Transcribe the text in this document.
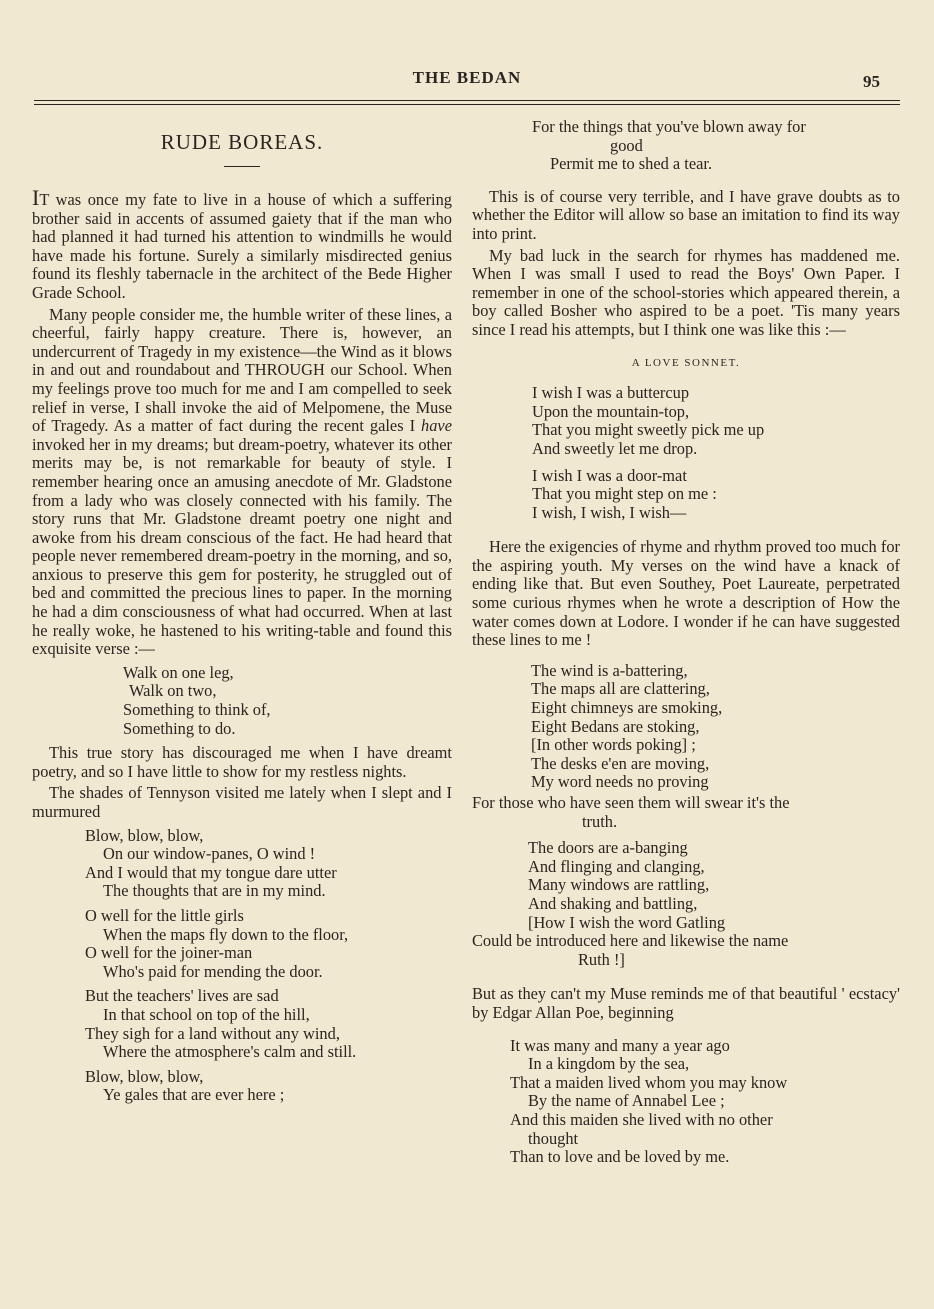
THE BEDAN	95
RUDE BOREAS.

IT was once my fate to live in a house of which a suffering brother said in accents of assumed gaiety that if the man who had planned it had turned his attention to windmills he would have made his fortune. Surely a similarly misdirected genius found its fleshly tabernacle in the architect of the Bede Higher Grade School.

Many people consider me, the humble writer of these lines, a cheerful, fairly happy creature. There is, however, an undercurrent of Tragedy in my existence—the Wind as it blows in and out and roundabout and THROUGH our School. When my feelings prove too much for me and I am compelled to seek relief in verse, I shall invoke the aid of Melpomene, the Muse of Tragedy. As a matter of fact during the recent gales I have invoked her in my dreams; but dream-poetry, whatever its other merits may be, is not remarkable for beauty of style. I remember hearing once an amusing anecdote of Mr. Gladstone from a lady who was closely connected with his family. The story runs that Mr. Gladstone dreamt poetry one night and awoke from his dream conscious of the fact. He had heard that people never remembered dream-poetry in the morning, and so, anxious to preserve this gem for posterity, he struggled out of bed and committed the precious lines to paper. In the morning he had a dim consciousness of what had occurred. When at last he really woke, he hastened to his writing-table and found this exquisite verse :—

Walk on one leg,
Walk on two,
Something to think of,
Something to do.

This true story has discouraged me when I have dreamt poetry, and so I have little to show for my restless nights.

The shades of Tennyson visited me lately when I slept and I murmured

Blow, blow, blow,
On our window-panes, O wind !
And I would that my tongue dare utter
The thoughts that are in my mind.
O well for the little girls
When the maps fly down to the floor,
O well for the joiner-man
Who's paid for mending the door.
But the teachers' lives are sad
In that school on top of the hill,
They sigh for a land without any wind,
Where the atmosphere's calm and still.
Blow, blow, blow,
Ye gales that are ever here ;
For the things that you've blown away for
good
Permit me to shed a tear.

This is of course very terrible, and I have grave doubts as to whether the Editor will allow so base an imitation to find its way into print.

My bad luck in the search for rhymes has maddened me. When I was small I used to read the Boys' Own Paper. I remember in one of the school-stories which appeared therein, a boy called Bosher who aspired to be a poet. 'Tis many years since I read his attempts, but I think one was like this :—

A LOVE SONNET.
I wish I was a buttercup
Upon the mountain-top,
That you might sweetly pick me up
And sweetly let me drop.
I wish I was a door-mat
That you might step on me :
I wish, I wish, I wish—

Here the exigencies of rhyme and rhythm proved too much for the aspiring youth. My verses on the wind have a knack of ending like that. But even Southey, Poet Laureate, perpetrated some curious rhymes when he wrote a description of How the water comes down at Lodore. I wonder if he can have suggested these lines to me !

The wind is a-battering,
The maps all are clattering,
Eight chimneys are smoking,
Eight Bedans are stoking,
[In other words poking] ;
The desks e'en are moving,
My word needs no proving
For those who have seen them will swear it's the
truth.
The doors are a-banging
And flinging and clanging,
Many windows are rattling,
And shaking and battling,
[How I wish the word Gatling
Could be introduced here and likewise the name
Ruth !]

But as they can't my Muse reminds me of that beautiful ' ecstacy' by Edgar Allan Poe, beginning

It was many and many a year ago
In a kingdom by the sea,
That a maiden lived whom you may know
By the name of Annabel Lee ;
And this maiden she lived with no other
thought
Than to love and be loved by me.
